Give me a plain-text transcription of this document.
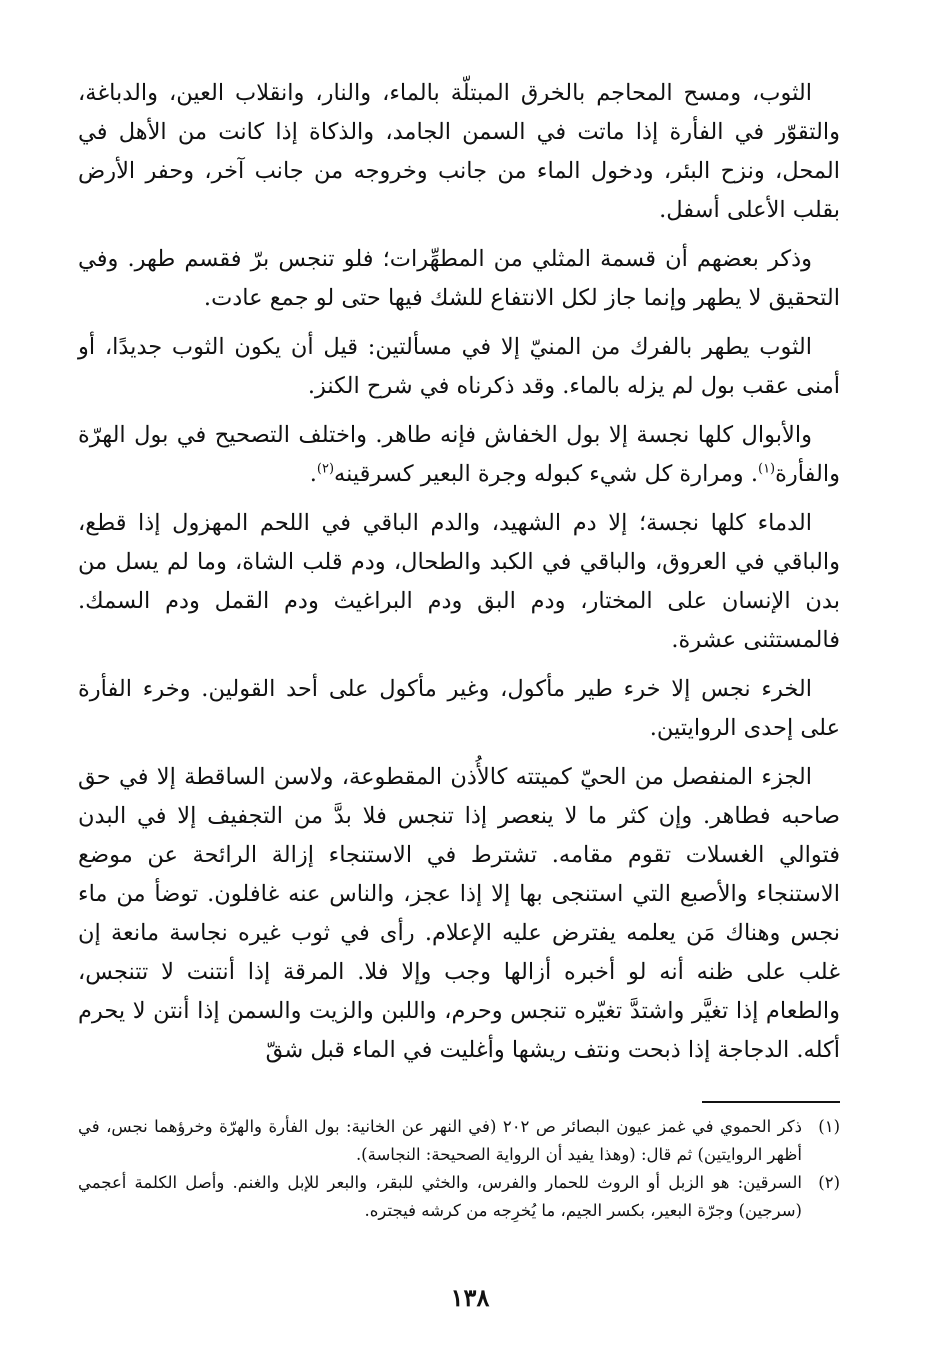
الثوب، ومسح المحاجم بالخرق المبتلّة بالماء، والنار، وانقلاب العين، والدباغة، والتقوّر في الفأرة إذا ماتت في السمن الجامد، والذكاة إذا كانت من الأهل في المحل، ونزح البئر، ودخول الماء من جانب وخروجه من جانب آخر، وحفر الأرض بقلب الأعلى أسفل.

وذكر بعضهم أن قسمة المثلي من المطهِّرات؛ فلو تنجس برّ فقسم طهر. وفي التحقيق لا يطهر وإنما جاز لكل الانتفاع للشك فيها حتى لو جمع عادت.

الثوب يطهر بالفرك من المنيّ إلا في مسألتين: قيل أن يكون الثوب جديدًا، أو أمنى عقب بول لم يزله بالماء. وقد ذكرناه في شرح الكنز.

والأبوال كلها نجسة إلا بول الخفاش فإنه طاهر. واختلف التصحيح في بول الهرّة والفأرة$^{(١)}$. ومرارة كل شيء كبوله وجرة البعير كسرقينه$^{(٢)}$.

الدماء كلها نجسة؛ إلا دم الشهيد، والدم الباقي في اللحم المهزول إذا قطع، والباقي في العروق، والباقي في الكبد والطحال، ودم قلب الشاة، وما لم يسل من بدن الإنسان على المختار، ودم البق ودم البراغيث ودم القمل ودم السمك. فالمستثنى عشرة.

الخرء نجس إلا خرء طير مأكول، وغير مأكول على أحد القولين. وخرء الفأرة على إحدى الروايتين.

الجزء المنفصل من الحيّ كميتته كالأُذن المقطوعة، ولاسن الساقطة إلا في حق صاحبه فطاهر. وإن كثر ما لا ينعصر إذا تنجس فلا بدَّ من التجفيف إلا في البدن فتوالي الغسلات تقوم مقامه. تشترط في الاستنجاء إزالة الرائحة عن موضع الاستنجاء والأصبع التي استنجى بها إلا إذا عجز، والناس عنه غافلون. توضأ من ماء نجس وهناك مَن يعلمه يفترض عليه الإعلام. رأى في ثوب غيره نجاسة مانعة إن غلب على ظنه أنه لو أخبره أزالها وجب وإلا فلا. المرقة إذا أنتنت لا تتنجس، والطعام إذا تغيَّر واشتدَّ تغيّره تنجس وحرم، واللبن والزيت والسمن إذا أنتن لا يحرم أكله. الدجاجة إذا ذبحت ونتف ريشها وأغليت في الماء قبل شقّ

(١)
ذكر الحموي في غمز عيون البصائر ص ٢٠٢ (في النهر عن الخانية: بول الفأرة والهرّة وخرؤهما نجس، في أظهر الروايتين) ثم قال: (وهذا يفيد أن الرواية الصحيحة: النجاسة).
(٢)
السرقين: هو الزبل أو الروث للحمار والفرس، والخثي للبقر، والبعر للإبل والغنم. وأصل الكلمة أعجمي (سرجين) وجرّة البعير، بكسر الجيم، ما يُخرِجه من كرشه فيجتره.
١٣٨
